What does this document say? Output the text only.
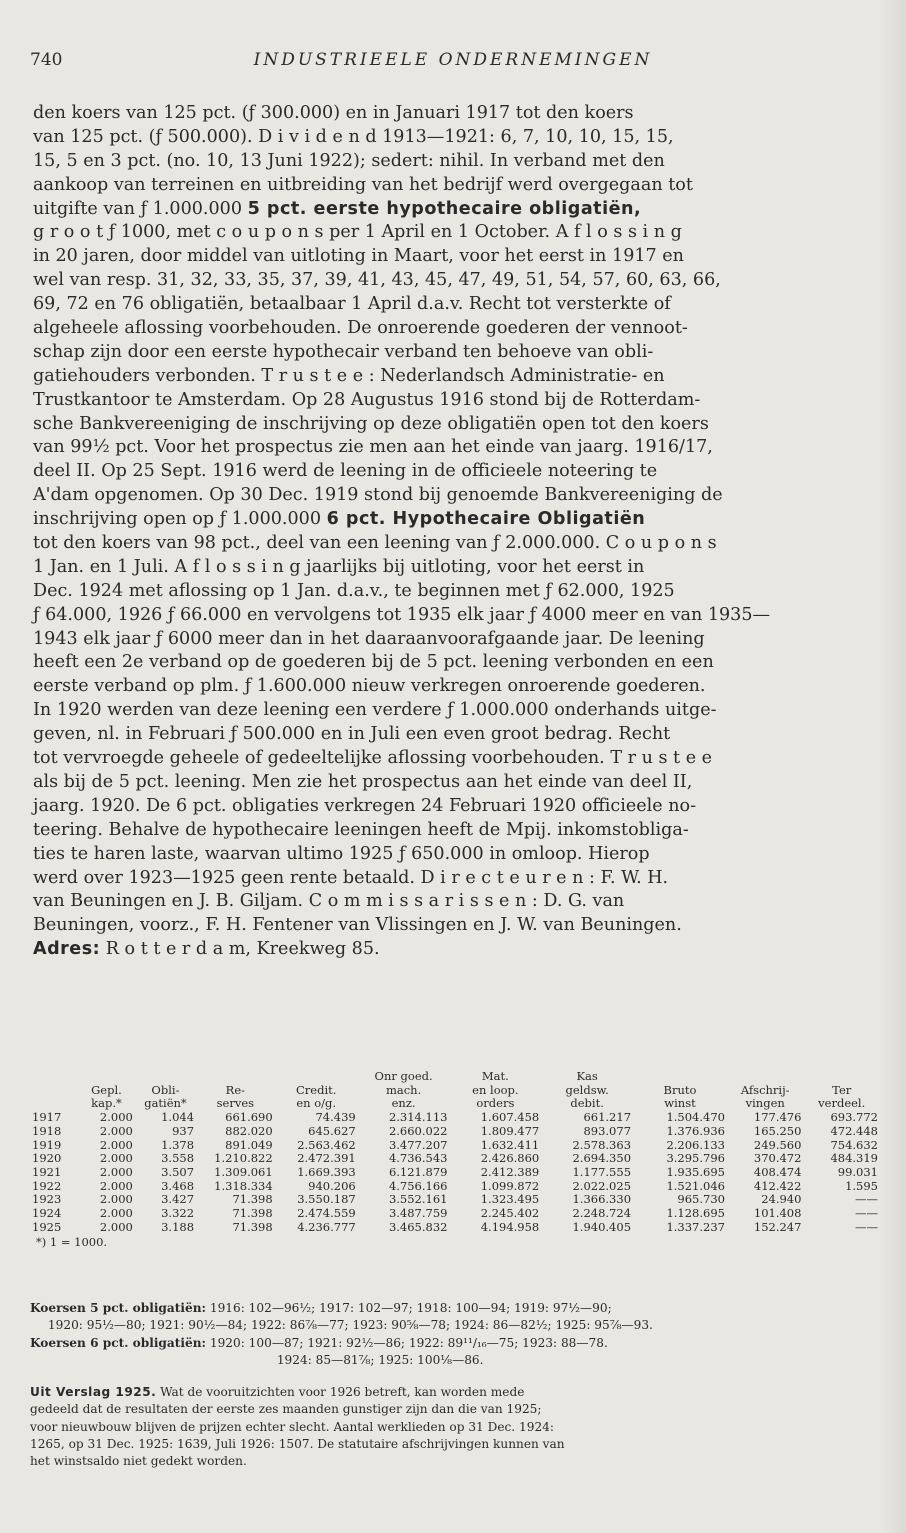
740	INDUSTRIEELE ONDERNEMINGEN
den koers van 125 pct. (ƒ 300.000) en in Januari 1917 tot den koers
van 125 pct. (ƒ 500.000). D i v i d e n d 1913—1921: 6, 7, 10, 10, 15, 15,
15, 5 en 3 pct. (no. 10, 13 Juni 1922); sedert: nihil. In verband met den
aankoop van terreinen en uitbreiding van het bedrijf werd overgegaan tot
uitgifte van ƒ 1.000.000 5 pct. eerste hypothecaire obligatiën,
g r o o t ƒ 1000, met c o u p o n s per 1 April en 1 October. A f l o s s i n g
in 20 jaren, door middel van uitloting in Maart, voor het eerst in 1917 en
wel van resp. 31, 32, 33, 35, 37, 39, 41, 43, 45, 47, 49, 51, 54, 57, 60, 63, 66,
69, 72 en 76 obligatiën, betaalbaar 1 April d.a.v. Recht tot versterkte of
algeheele aflossing voorbehouden. De onroerende goederen der vennoot-
schap zijn door een eerste hypothecair verband ten behoeve van obli-
gatiehouders verbonden. T r u s t e e : Nederlandsch Administratie- en
Trustkantoor te Amsterdam. Op 28 Augustus 1916 stond bij de Rotterdam-
sche Bankvereeniging de inschrijving op deze obligatiën open tot den koers
van 99½ pct. Voor het prospectus zie men aan het einde van jaarg. 1916/17,
deel II. Op 25 Sept. 1916 werd de leening in de officieele noteering te
A'dam opgenomen. Op 30 Dec. 1919 stond bij genoemde Bankvereeniging de
inschrijving open op ƒ 1.000.000 6 pct. Hypothecaire Obligatiën
tot den koers van 98 pct., deel van een leening van ƒ 2.000.000. C o u p o n s
1 Jan. en 1 Juli. A f l o s s i n g jaarlijks bij uitloting, voor het eerst in
Dec. 1924 met aflossing op 1 Jan. d.a.v., te beginnen met ƒ 62.000, 1925
ƒ 64.000, 1926 ƒ 66.000 en vervolgens tot 1935 elk jaar ƒ 4000 meer en van 1935—
1943 elk jaar ƒ 6000 meer dan in het daaraanvoorafgaande jaar. De leening
heeft een 2e verband op de goederen bij de 5 pct. leening verbonden en een
eerste verband op plm. ƒ 1.600.000 nieuw verkregen onroerende goederen.
In 1920 werden van deze leening een verdere ƒ 1.000.000 onderhands uitge-
geven, nl. in Februari ƒ 500.000 en in Juli een even groot bedrag. Recht
tot vervroegde geheele of gedeeltelijke aflossing voorbehouden. T r u s t e e
als bij de 5 pct. leening. Men zie het prospectus aan het einde van deel II,
jaarg. 1920. De 6 pct. obligaties verkregen 24 Februari 1920 officieele no-
teering. Behalve de hypothecaire leeningen heeft de Mpij. inkomstobliga-
ties te haren laste, waarvan ultimo 1925 ƒ 650.000 in omloop. Hierop
werd over 1923—1925 geen rente betaald. D i r e c t e u r e n : F. W. H.
van Beuningen en J. B. Giljam. C o m m i s s a r i s s e n : D. G. van
Beuningen, voorz., F. H. Fentener van Vlissingen en J. W. van Beuningen.
Adres: R o t t e r d a m, Kreekweg 85.
					Onr goed.	Mat.	Kas			
	Gepl.	Obli-	Re-	Credit.	mach.	en loop.	geldsw.	Bruto	Afschrij-	Ter
	kap.*	gatiën*	serves	en o/g.	enz.	orders	debit.	winst	vingen	verdeel.
1917	2.000	1.044	661.690	74.439	2.314.113	1.607.458	661.217	1.504.470	177.476	693.772
1918	2.000	937	882.020	645.627	2.660.022	1.809.477	893.077	1.376.936	165.250	472.448
1919	2.000	1.378	891.049	2.563.462	3.477.207	1.632.411	2.578.363	2.206.133	249.560	754.632
1920	2.000	3.558	1.210.822	2.472.391	4.736.543	2.426.860	2.694.350	3.295.796	370.472	484.319
1921	2.000	3.507	1.309.061	1.669.393	6.121.879	2.412.389	1.177.555	1.935.695	408.474	99.031
1922	2.000	3.468	1.318.334	940.206	4.756.166	1.099.872	2.022.025	1.521.046	412.422	1.595
1923	2.000	3.427	71.398	3.550.187	3.552.161	1.323.495	1.366.330	965.730	24.940	——
1924	2.000	3.322	71.398	2.474.559	3.487.759	2.245.402	2.248.724	1.128.695	101.408	——
1925	2.000	3.188	71.398	4.236.777	3.465.832	4.194.958	1.940.405	1.337.237	152.247	——
*) 1 = 1000.
Koersen 5 pct. obligatiën: 1916: 102—96½; 1917: 102—97; 1918: 100—94; 1919: 97½—90;
1920: 95½—80; 1921: 90½—84; 1922: 86⅞—77; 1923: 90⅝—78; 1924: 86—82½; 1925: 95⅞—93.
Koersen 6 pct. obligatiën: 1920: 100—87; 1921: 92½—86; 1922: 89¹¹/₁₆—75; 1923: 88—78.
1924: 85—81⅞; 1925: 100⅛—86.
Uit Verslag 1925. Wat de vooruitzichten voor 1926 betreft, kan worden mede
gedeeld dat de resultaten der eerste zes maanden gunstiger zijn dan die van 1925;
voor nieuwbouw blijven de prijzen echter slecht. Aantal werklieden op 31 Dec. 1924:
1265, op 31 Dec. 1925: 1639, Juli 1926: 1507. De statutaire afschrijvingen kunnen van
het winstsaldo niet gedekt worden.
